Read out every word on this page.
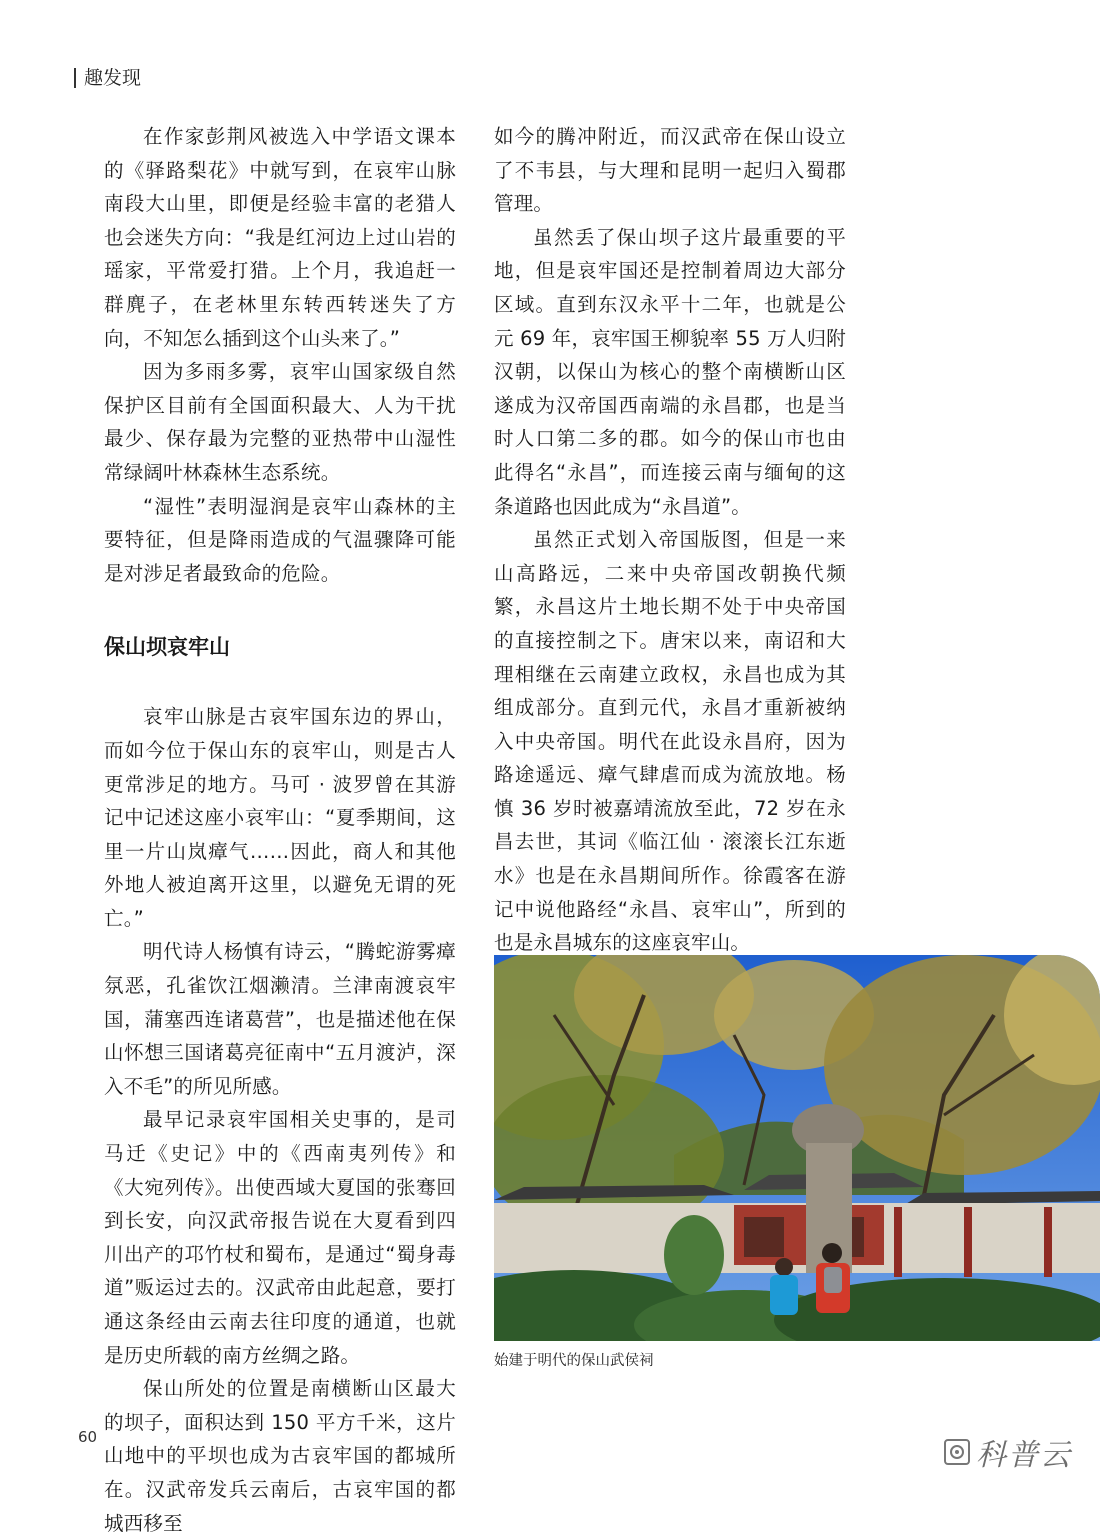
趣发现

在作家彭荆风被选入中学语文课本的《驿路梨花》中就写到，在哀牢山脉南段大山里，即便是经验丰富的老猎人也会迷失方向：“我是红河边上过山岩的瑶家，平常爱打猎。上个月，我追赶一群麂子，在老林里东转西转迷失了方向，不知怎么插到这个山头来了。”

因为多雨多雾，哀牢山国家级自然保护区目前有全国面积最大、人为干扰最少、保存最为完整的亚热带中山湿性常绿阔叶林森林生态系统。

“湿性”表明湿润是哀牢山森林的主要特征，但是降雨造成的气温骤降可能是对涉足者最致命的危险。

保山坝哀牢山

哀牢山脉是古哀牢国东边的界山，而如今位于保山东的哀牢山，则是古人更常涉足的地方。马可 · 波罗曾在其游记中记述这座小哀牢山：“夏季期间，这里一片山岚瘴气……因此，商人和其他外地人被迫离开这里，以避免无谓的死亡。”

明代诗人杨慎有诗云，“腾蛇游雾瘴氛恶，孔雀饮江烟濑清。兰津南渡哀牢国，蒲塞西连诸葛营”，也是描述他在保山怀想三国诸葛亮征南中“五月渡泸，深入不毛”的所见所感。

最早记录哀牢国相关史事的，是司马迁《史记》中的《西南夷列传》和《大宛列传》。出使西域大夏国的张骞回到长安，向汉武帝报告说在大夏看到四川出产的邛竹杖和蜀布，是通过“蜀身毒道”贩运过去的。汉武帝由此起意，要打通这条经由云南去往印度的通道，也就是历史所载的南方丝绸之路。

保山所处的位置是南横断山区最大的坝子，面积达到 150 平方千米，这片山地中的平坝也成为古哀牢国的都城所在。汉武帝发兵云南后，古哀牢国的都城西移至

如今的腾冲附近，而汉武帝在保山设立了不韦县，与大理和昆明一起归入蜀郡管理。

虽然丢了保山坝子这片最重要的平地，但是哀牢国还是控制着周边大部分区域。直到东汉永平十二年，也就是公元 69 年，哀牢国王柳貌率 55 万人归附汉朝，以保山为核心的整个南横断山区遂成为汉帝国西南端的永昌郡，也是当时人口第二多的郡。如今的保山市也由此得名“永昌”，而连接云南与缅甸的这条道路也因此成为“永昌道”。

虽然正式划入帝国版图，但是一来山高路远，二来中央帝国改朝换代频繁，永昌这片土地长期不处于中央帝国的直接控制之下。唐宋以来，南诏和大理相继在云南建立政权，永昌也成为其组成部分。直到元代，永昌才重新被纳入中央帝国。明代在此设永昌府，因为路途遥远、瘴气肆虐而成为流放地。杨慎 36 岁时被嘉靖流放至此，72 岁在永昌去世，其词《临江仙 · 滚滚长江东逝水》也是在永昌期间所作。徐霞客在游记中说他路经“永昌、哀牢山”，所到的也是永昌城东的这座哀牢山。

始建于明代的保山武侯祠
60
科普云
